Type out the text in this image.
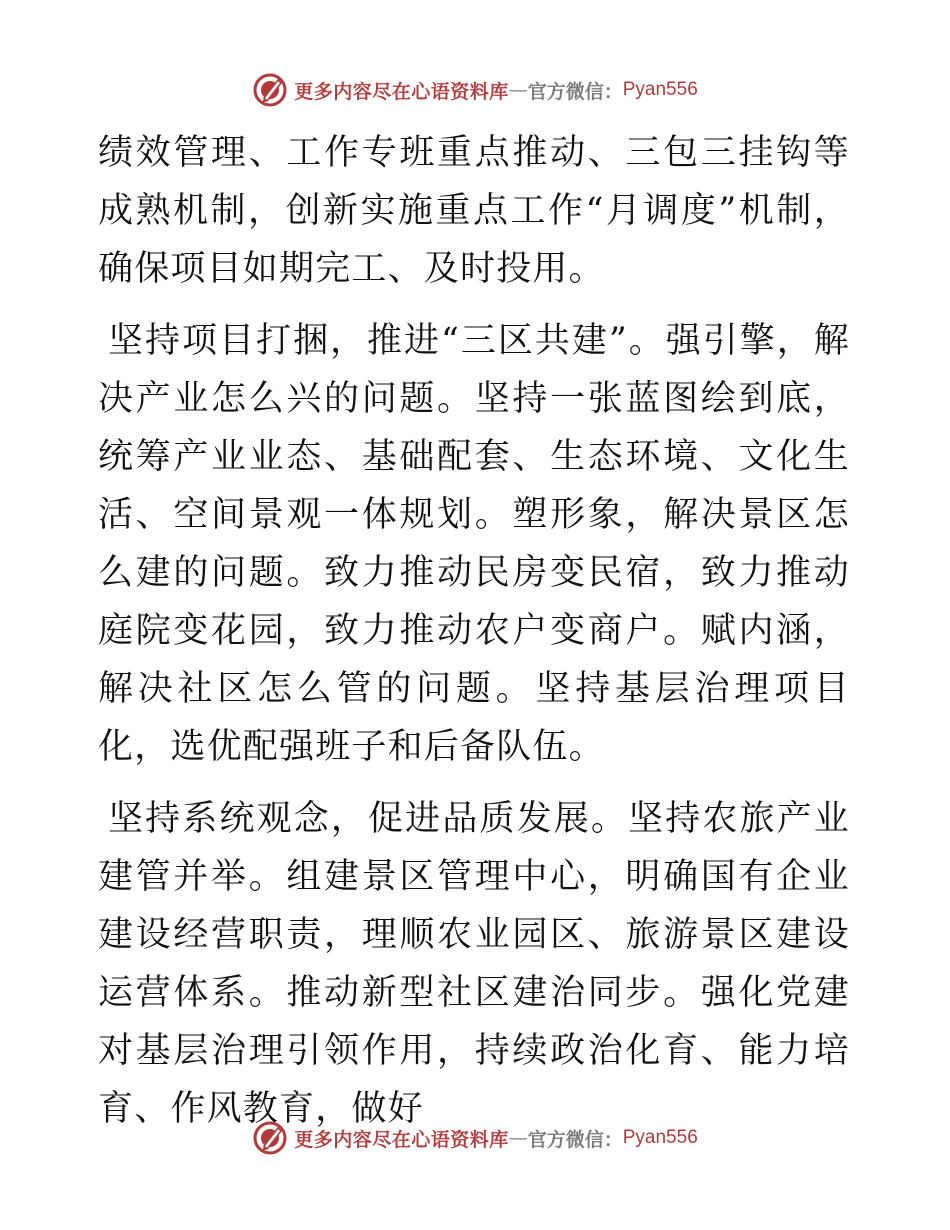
更多内容尽在心语资料库 — 官方微信： Pyan556

绩效管理、工作专班重点推动、三包三挂钩等成熟机制，创新实施重点工作“月调度”机制，确保项目如期完工、及时投用。

坚持项目打捆，推进“三区共建”。强引擎，解决产业怎么兴的问题。坚持一张蓝图绘到底，统筹产业业态、基础配套、生态环境、文化生活、空间景观一体规划。塑形象，解决景区怎么建的问题。致力推动民房变民宿，致力推动庭院变花园，致力推动农户变商户。赋内涵，解决社区怎么管的问题。坚持基层治理项目化，选优配强班子和后备队伍。

坚持系统观念，促进品质发展。坚持农旅产业建管并举。组建景区管理中心，明确国有企业建设经营职责，理顺农业园区、旅游景区建设运营体系。推动新型社区建治同步。强化党建对基层治理引领作用，持续政治化育、能力培育、作风教育，做好

更多内容尽在心语资料库 — 官方微信： Pyan556
